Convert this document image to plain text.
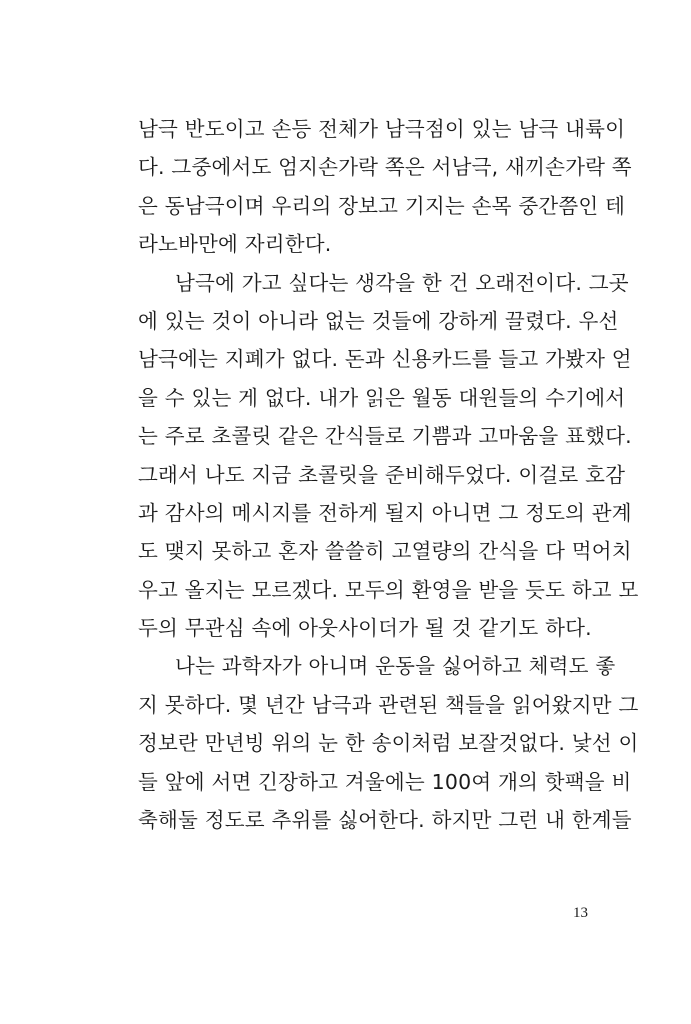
남극 반도이고 손등 전체가 남극점이 있는 남극 내륙이
다. 그중에서도 엄지손가락 쪽은 서남극, 새끼손가락 쪽
은 동남극이며 우리의 장보고 기지는 손목 중간쯤인 테
라노바만에 자리한다.
남극에 가고 싶다는 생각을 한 건 오래전이다. 그곳
에 있는 것이 아니라 없는 것들에 강하게 끌렸다. 우선
남극에는 지폐가 없다. 돈과 신용카드를 들고 가봤자 얻
을 수 있는 게 없다. 내가 읽은 월동 대원들의 수기에서
는 주로 초콜릿 같은 간식들로 기쁨과 고마움을 표했다.
그래서 나도 지금 초콜릿을 준비해두었다. 이걸로 호감
과 감사의 메시지를 전하게 될지 아니면 그 정도의 관계
도 맺지 못하고 혼자 쓸쓸히 고열량의 간식을 다 먹어치
우고 올지는 모르겠다. 모두의 환영을 받을 듯도 하고 모
두의 무관심 속에 아웃사이더가 될 것 같기도 하다.
나는 과학자가 아니며 운동을 싫어하고 체력도 좋
지 못하다. 몇 년간 남극과 관련된 책들을 읽어왔지만 그
정보란 만년빙 위의 눈 한 송이처럼 보잘것없다. 낯선 이
들 앞에 서면 긴장하고 겨울에는 100여 개의 핫팩을 비
축해둘 정도로 추위를 싫어한다. 하지만 그런 내 한계들
13
